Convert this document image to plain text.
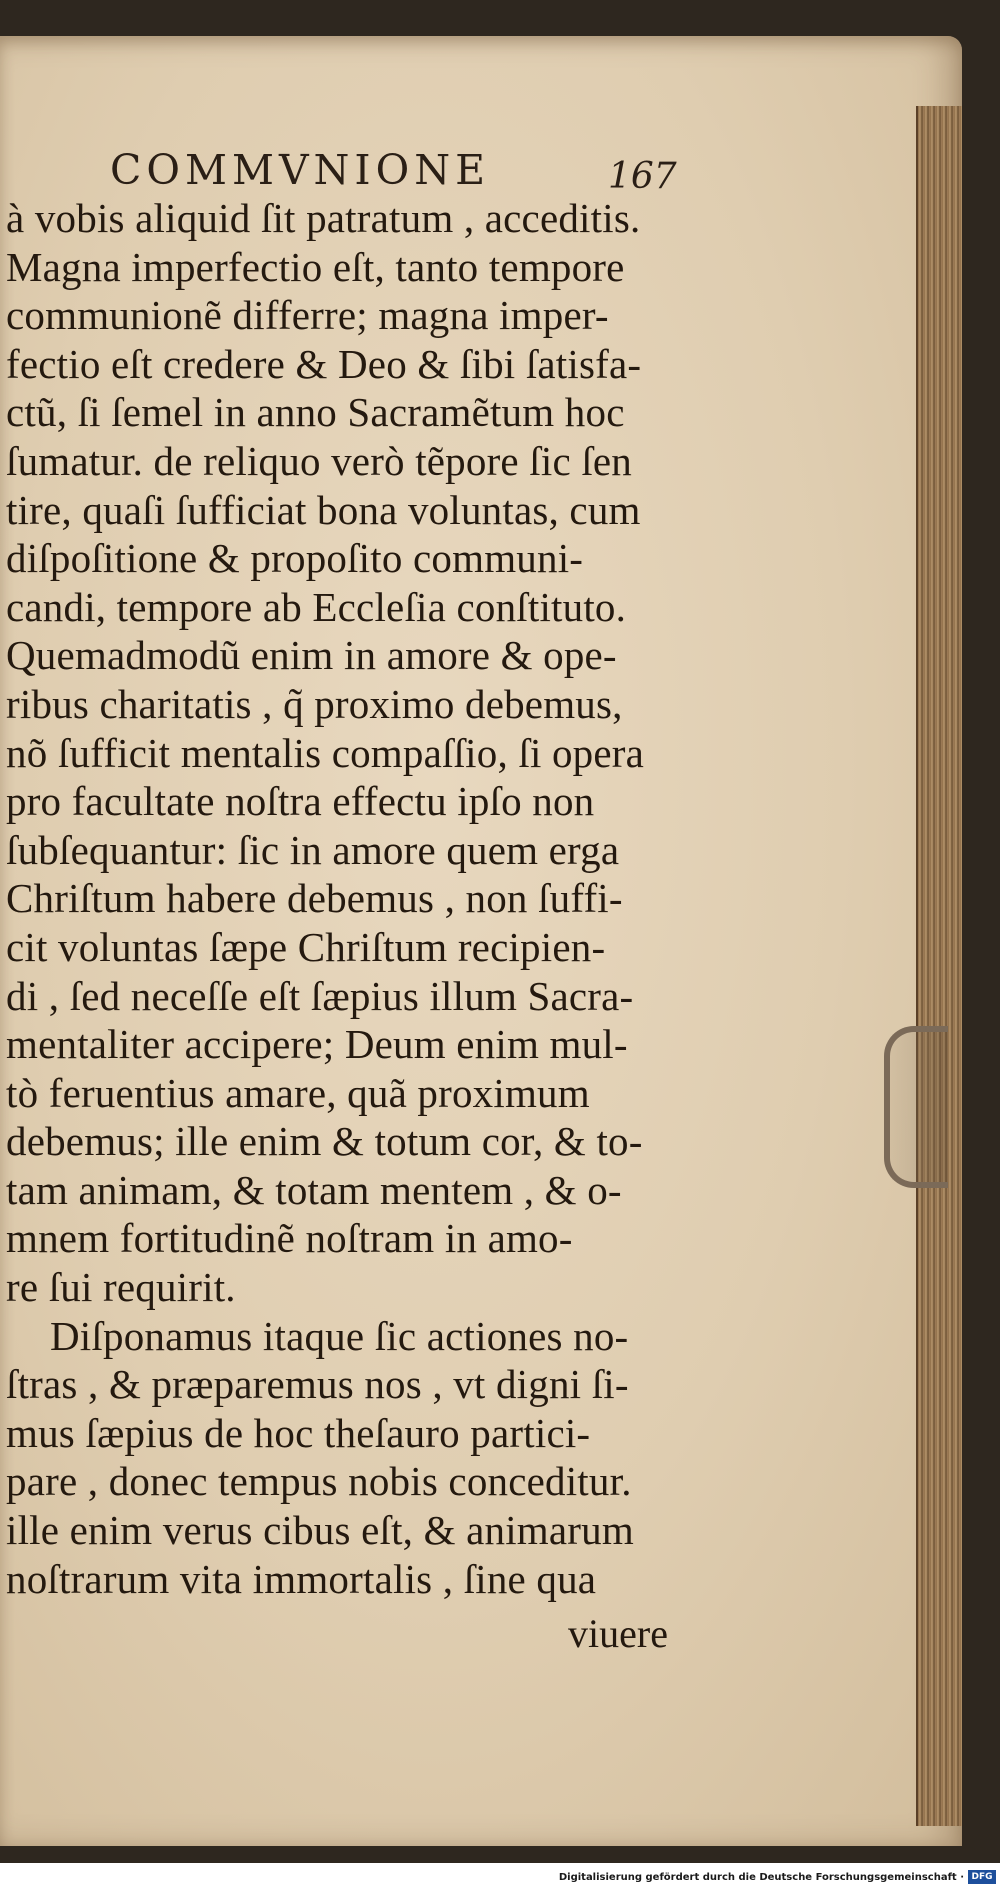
COMMVNIONE	167
à vobis aliquid ſit patratum , acceditis.
Magna imperfectio eſt, tanto tempore
communionẽ differre; magna imper-
fectio eſt credere & Deo & ſibi ſatisfa-
ctũ, ſi ſemel in anno Sacramẽtum hoc
ſumatur. de reliquo verò tẽpore ſic ſen
tire, quaſi ſufficiat bona voluntas, cum
diſpoſitione & propoſito communi-
candi, tempore ab Eccleſia conſtituto.
Quemadmodũ enim in amore & ope-
ribus charitatis , q̃ proximo debemus,
nõ ſufficit mentalis compaſſio, ſi opera
pro facultate noſtra effectu ipſo non
ſubſequantur: ſic in amore quem erga
Chriſtum habere debemus , non ſuffi-
cit voluntas ſæpe Chriſtum recipien-
di , ſed neceſſe eſt ſæpius illum Sacra-
mentaliter accipere; Deum enim mul-
tò feruentius amare, quã proximum
debemus; ille enim & totum cor, & to-
tam animam, & totam mentem , & o-
mnem fortitudinẽ noſtram in amo-
re ſui requirit.
Diſponamus itaque ſic actiones no-
ſtras , & præparemus nos , vt digni ſi-
mus ſæpius de hoc theſauro partici-
pare , donec tempus nobis conceditur.
ille enim verus cibus eſt, & animarum
noſtrarum vita immortalis , ſine qua
viuere
Digitalisierung gefördert durch die Deutsche Forschungsgemeinschaft · DFG
